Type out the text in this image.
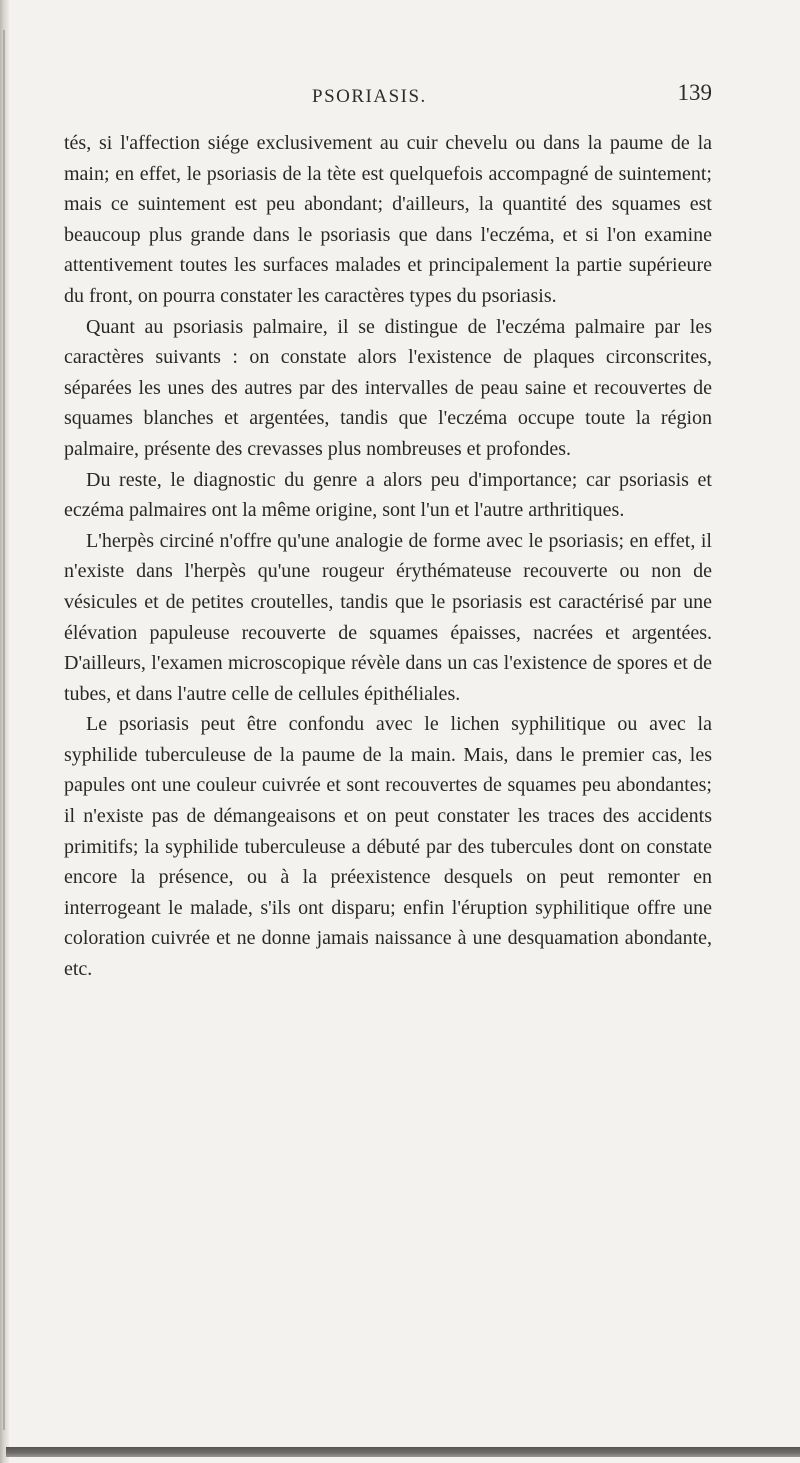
PSORIASIS.	139

tés, si l'affection siége exclusivement au cuir chevelu ou dans la paume de la main; en effet, le psoriasis de la tète est quelquefois accompagné de suintement; mais ce suintement est peu abondant; d'ailleurs, la quantité des squames est beaucoup plus grande dans le psoriasis que dans l'eczéma, et si l'on examine attentivement toutes les surfaces malades et principalement la partie supérieure du front, on pourra constater les caractères types du psoriasis.

Quant au psoriasis palmaire, il se distingue de l'eczéma palmaire par les caractères suivants : on constate alors l'existence de plaques circonscrites, séparées les unes des autres par des intervalles de peau saine et recouvertes de squames blanches et argentées, tandis que l'eczéma occupe toute la région palmaire, présente des crevasses plus nombreuses et profondes.

Du reste, le diagnostic du genre a alors peu d'importance; car psoriasis et eczéma palmaires ont la même origine, sont l'un et l'autre arthritiques.

L'herpès circiné n'offre qu'une analogie de forme avec le psoriasis; en effet, il n'existe dans l'herpès qu'une rougeur érythémateuse recouverte ou non de vésicules et de petites croutelles, tandis que le psoriasis est caractérisé par une élévation papuleuse recouverte de squames épaisses, nacrées et argentées. D'ailleurs, l'examen microscopique révèle dans un cas l'existence de spores et de tubes, et dans l'autre celle de cellules épithéliales.

Le psoriasis peut être confondu avec le lichen syphilitique ou avec la syphilide tuberculeuse de la paume de la main. Mais, dans le premier cas, les papules ont une couleur cuivrée et sont recouvertes de squames peu abondantes; il n'existe pas de démangeaisons et on peut constater les traces des accidents primitifs; la syphilide tuberculeuse a débuté par des tubercules dont on constate encore la présence, ou à la préexistence desquels on peut remonter en interrogeant le malade, s'ils ont disparu; enfin l'éruption syphilitique offre une coloration cuivrée et ne donne jamais naissance à une desquamation abondante, etc.
